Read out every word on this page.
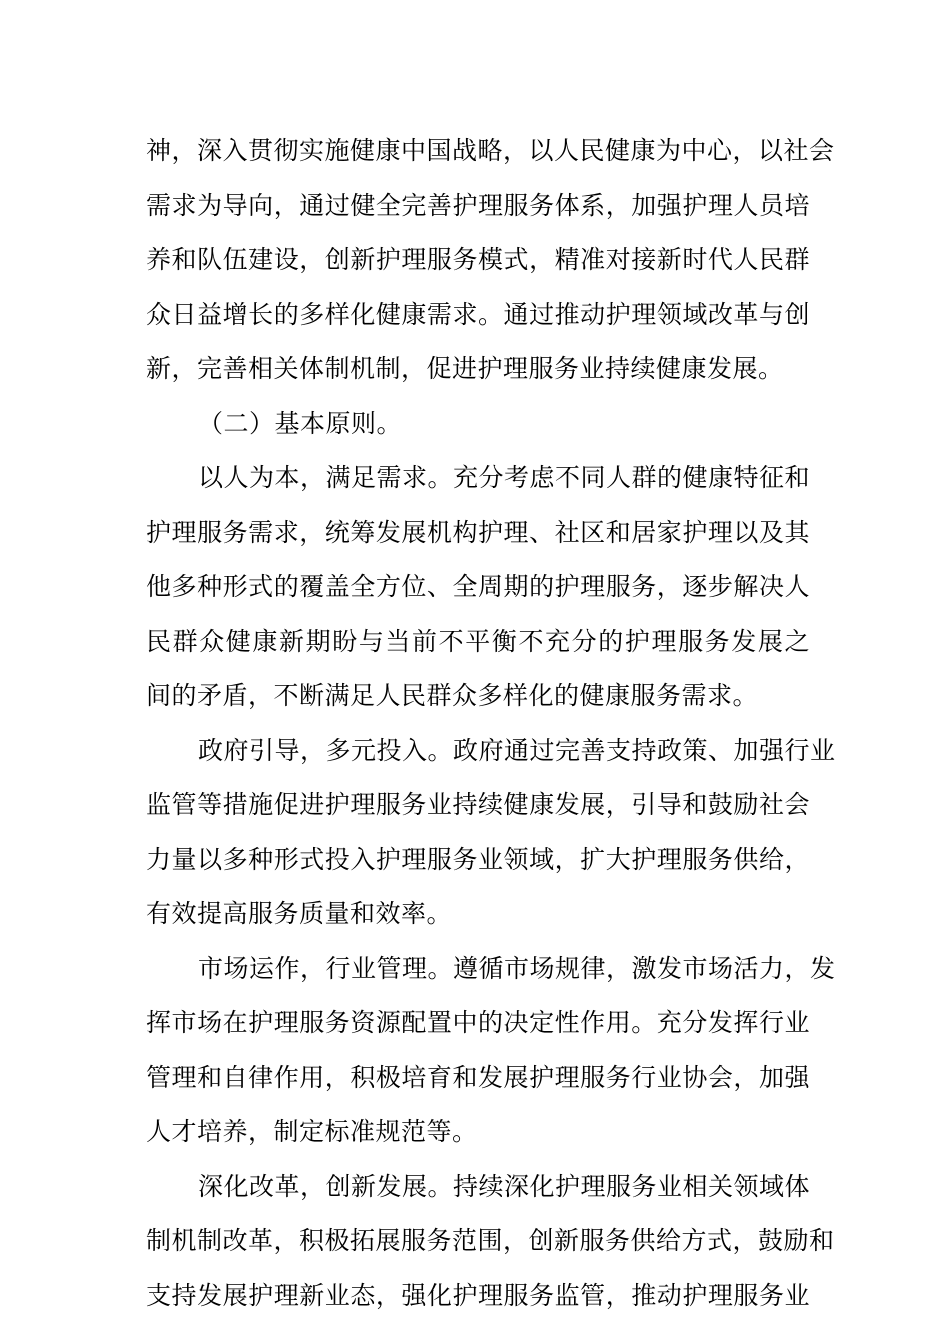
神，深入贯彻实施健康中国战略，以人民健康为中心，以社会
需求为导向，通过健全完善护理服务体系，加强护理人员培
养和队伍建设，创新护理服务模式，精准对接新时代人民群
众日益增长的多样化健康需求。通过推动护理领域改革与创
新，完善相关体制机制，促进护理服务业持续健康发展。
（二）基本原则。
以人为本，满足需求。充分考虑不同人群的健康特征和
护理服务需求，统筹发展机构护理、社区和居家护理以及其
他多种形式的覆盖全方位、全周期的护理服务，逐步解决人
民群众健康新期盼与当前不平衡不充分的护理服务发展之
间的矛盾，不断满足人民群众多样化的健康服务需求。
政府引导，多元投入。政府通过完善支持政策、加强行业
监管等措施促进护理服务业持续健康发展，引导和鼓励社会
力量以多种形式投入护理服务业领域，扩大护理服务供给，
有效提高服务质量和效率。
市场运作，行业管理。遵循市场规律，激发市场活力，发
挥市场在护理服务资源配置中的决定性作用。充分发挥行业
管理和自律作用，积极培育和发展护理服务行业协会，加强
人才培养，制定标准规范等。
深化改革，创新发展。持续深化护理服务业相关领域体
制机制改革，积极拓展服务范围，创新服务供给方式，鼓励和
支持发展护理新业态，强化护理服务监管，推动护理服务业
